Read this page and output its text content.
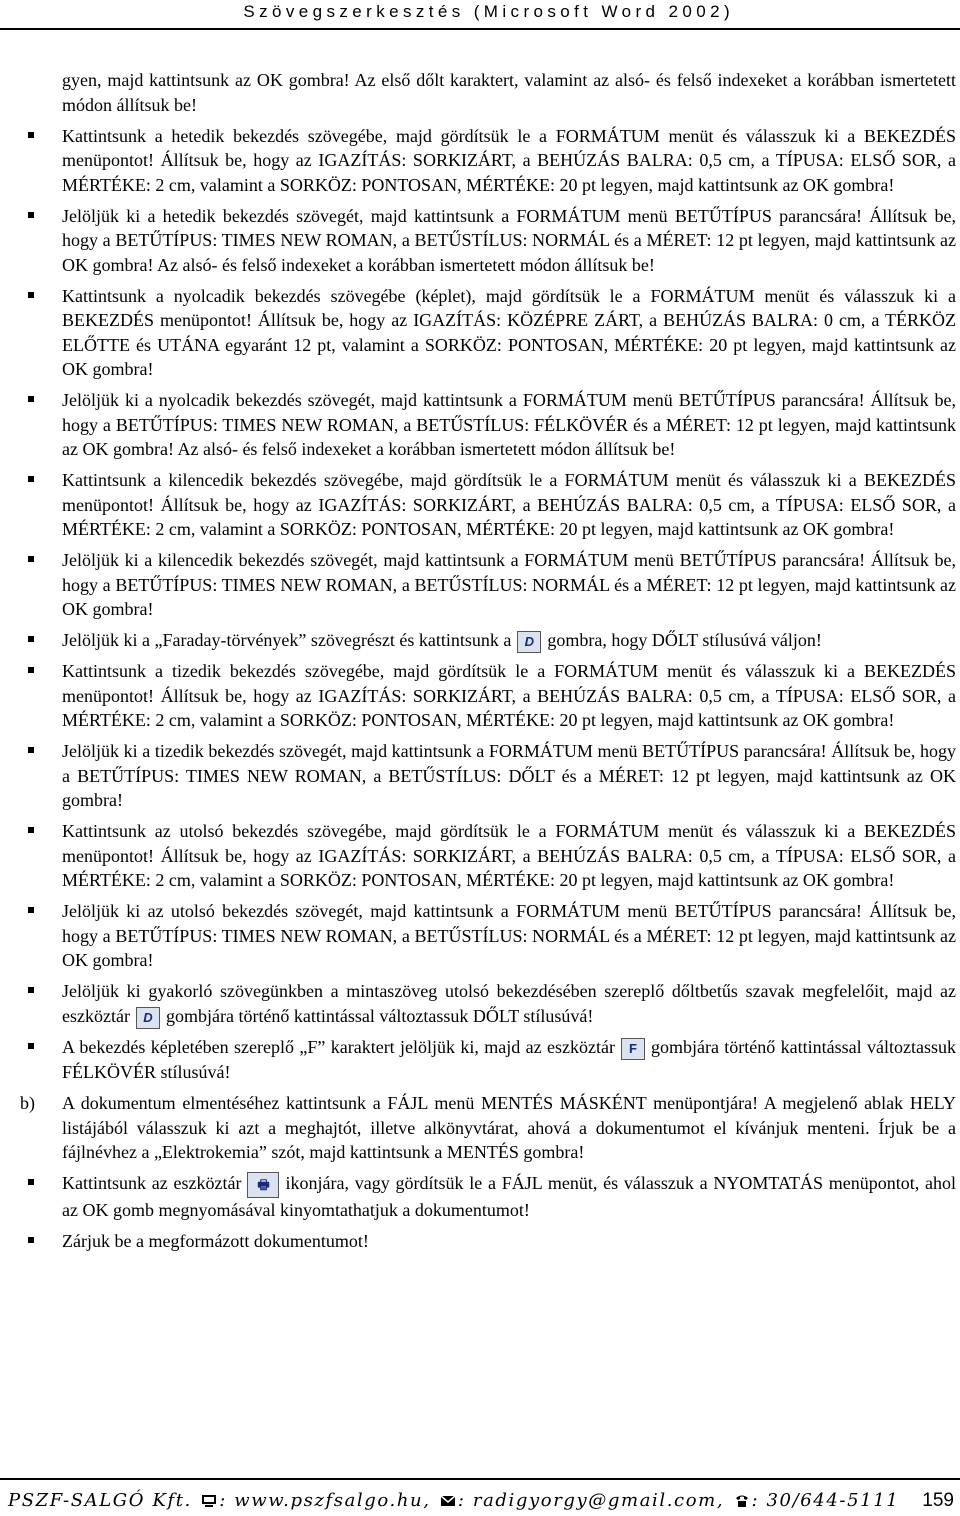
Szövegszerkesztés (Microsoft Word 2002)
gyen, majd kattintsunk az OK gombra! Az első dőlt karaktert, valamint az alsó- és felső indexeket a korábban ismertetett módon állítsuk be!
Kattintsunk a hetedik bekezdés szövegébe, majd gördítsük le a FORMÁTUM menüt és válasszuk ki a BEKEZDÉS menüpontot! Állítsuk be, hogy az IGAZÍTÁS: SORKIZÁRT, a BEHÚZÁS BALRA: 0,5 cm, a TÍPUSA: ELSŐ SOR, a MÉRTÉKE: 2 cm, valamint a SORKÖZ: PONTOSAN, MÉRTÉKE: 20 pt legyen, majd kattintsunk az OK gombra!
Jelöljük ki a hetedik bekezdés szövegét, majd kattintsunk a FORMÁTUM menü BETŰTÍPUS parancsára! Állítsuk be, hogy a BETŰTÍPUS: TIMES NEW ROMAN, a BETŰSTÍLUS: NORMÁL és a MÉRET: 12 pt legyen, majd kattintsunk az OK gombra! Az alsó- és felső indexeket a korábban ismertetett módon állítsuk be!
Kattintsunk a nyolcadik bekezdés szövegébe (képlet), majd gördítsük le a FORMÁTUM menüt és válasszuk ki a BEKEZDÉS menüpontot! Állítsuk be, hogy az IGAZÍTÁS: KÖZÉPRE ZÁRT, a BEHÚZÁS BALRA: 0 cm, a TÉRKÖZ ELŐTTE és UTÁNA egyaránt 12 pt, valamint a SORKÖZ: PONTOSAN, MÉRTÉKE: 20 pt legyen, majd kattintsunk az OK gombra!
Jelöljük ki a nyolcadik bekezdés szövegét, majd kattintsunk a FORMÁTUM menü BETŰTÍPUS parancsára! Állítsuk be, hogy a BETŰTÍPUS: TIMES NEW ROMAN, a BETŰSTÍLUS: FÉLKÖVÉR és a MÉRET: 12 pt legyen, majd kattintsunk az OK gombra! Az alsó- és felső indexeket a korábban ismertetett módon állítsuk be!
Kattintsunk a kilencedik bekezdés szövegébe, majd gördítsük le a FORMÁTUM menüt és válasszuk ki a BEKEZDÉS menüpontot! Állítsuk be, hogy az IGAZÍTÁS: SORKIZÁRT, a BEHÚZÁS BALRA: 0,5 cm, a TÍPUSA: ELSŐ SOR, a MÉRTÉKE: 2 cm, valamint a SORKÖZ: PONTOSAN, MÉRTÉKE: 20 pt legyen, majd kattintsunk az OK gombra!
Jelöljük ki a kilencedik bekezdés szövegét, majd kattintsunk a FORMÁTUM menü BETŰTÍPUS parancsára! Állítsuk be, hogy a BETŰTÍPUS: TIMES NEW ROMAN, a BETŰSTÍLUS: NORMÁL és a MÉRET: 12 pt legyen, majd kattintsunk az OK gombra!
Jelöljük ki a „Faraday-törvények” szövegrészt és kattintsunk a D gombra, hogy DŐLT stílusúvá váljon!
Kattintsunk a tizedik bekezdés szövegébe, majd gördítsük le a FORMÁTUM menüt és válasszuk ki a BEKEZDÉS menüpontot! Állítsuk be, hogy az IGAZÍTÁS: SORKIZÁRT, a BEHÚZÁS BALRA: 0,5 cm, a TÍPUSA: ELSŐ SOR, a MÉRTÉKE: 2 cm, valamint a SORKÖZ: PONTOSAN, MÉRTÉKE: 20 pt legyen, majd kattintsunk az OK gombra!
Jelöljük ki a tizedik bekezdés szövegét, majd kattintsunk a FORMÁTUM menü BETŰTÍPUS parancsára! Állítsuk be, hogy a BETŰTÍPUS: TIMES NEW ROMAN, a BETŰSTÍLUS: DŐLT és a MÉRET: 12 pt legyen, majd kattintsunk az OK gombra!
Kattintsunk az utolsó bekezdés szövegébe, majd gördítsük le a FORMÁTUM menüt és válasszuk ki a BEKEZDÉS menüpontot! Állítsuk be, hogy az IGAZÍTÁS: SORKIZÁRT, a BEHÚZÁS BALRA: 0,5 cm, a TÍPUSA: ELSŐ SOR, a MÉRTÉKE: 2 cm, valamint a SORKÖZ: PONTOSAN, MÉRTÉKE: 20 pt legyen, majd kattintsunk az OK gombra!
Jelöljük ki az utolsó bekezdés szövegét, majd kattintsunk a FORMÁTUM menü BETŰTÍPUS parancsára! Állítsuk be, hogy a BETŰTÍPUS: TIMES NEW ROMAN, a BETŰSTÍLUS: NORMÁL és a MÉRET: 12 pt legyen, majd kattintsunk az OK gombra!
Jelöljük ki gyakorló szövegünkben a mintaszöveg utolsó bekezdésében szereplő dőltbetűs szavak megfelelőit, majd az eszköztár D gombjára történő kattintással változtassuk DŐLT stílusúvá!
A bekezdés képletében szereplő „F” karaktert jelöljük ki, majd az eszköztár F gombjára történő kattintással változtassuk FÉLKÖVÉR stílusúvá!
b) A dokumentum elmentéséhez kattintsunk a FÁJL menü MENTÉS MÁSKÉNT menüpontjára! A megjelenő ablak HELY listájából válasszuk ki azt a meghajtót, illetve alkönyvtárat, ahová a dokumentumot el kívánjuk menteni. Írjuk be a fájlnévhez a „Elektrokemia” szót, majd kattintsunk a MENTÉS gombra!
Kattintsunk az eszköztár 🖶 ikonjára, vagy gördítsük le a FÁJL menüt, és válasszuk a NYOMTATÁS menüpontot, ahol az OK gomb megnyomásával kinyomtathatjuk a dokumentumot!
Zárjuk be a megformázott dokumentumot!
PSZF-SALGÓ Kft. : www.pszfsalgo.hu, : radigyorgy@gmail.com, : 30/644-5111 159
